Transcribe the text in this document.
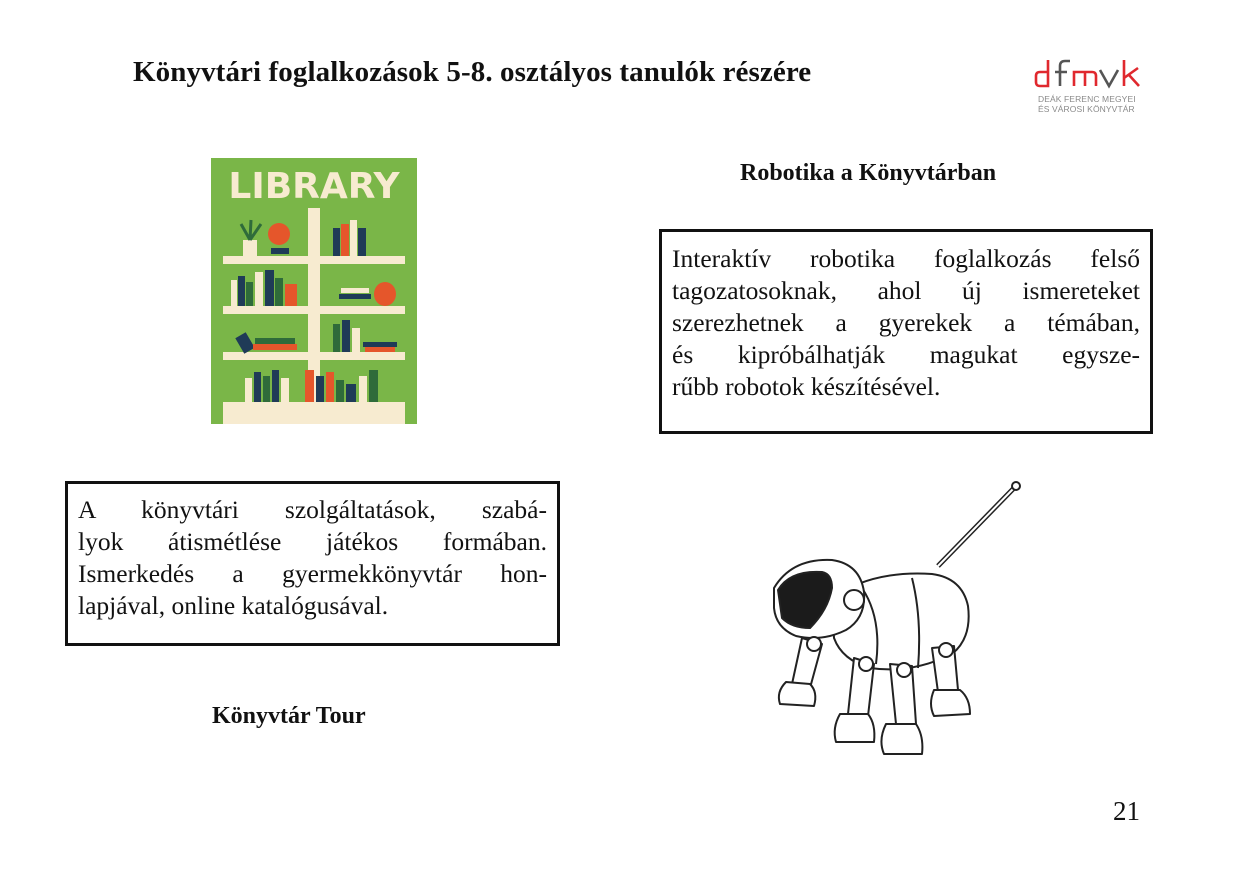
Könyvtári foglalkozások 5-8. osztályos tanulók részére
DEÁK FERENC MEGYEI
ÉS VÁROSI KÖNYVTÁR
LIBRARY	Robotika a Könyvtárban

Interaktív robotika foglalkozás felső
tagozatosoknak, ahol új ismereteket
szerezhetnek a gyerekek a témában,
és kipróbálhatják magukat egysze-
rűbb robotok készítésével.

A könyvtári szolgáltatások, szabá-
lyok átismétlése játékos formában.
Ismerkedés a gyermekkönyvtár hon-
lapjával, online katalógusával.

Könyvtár Tour
21
